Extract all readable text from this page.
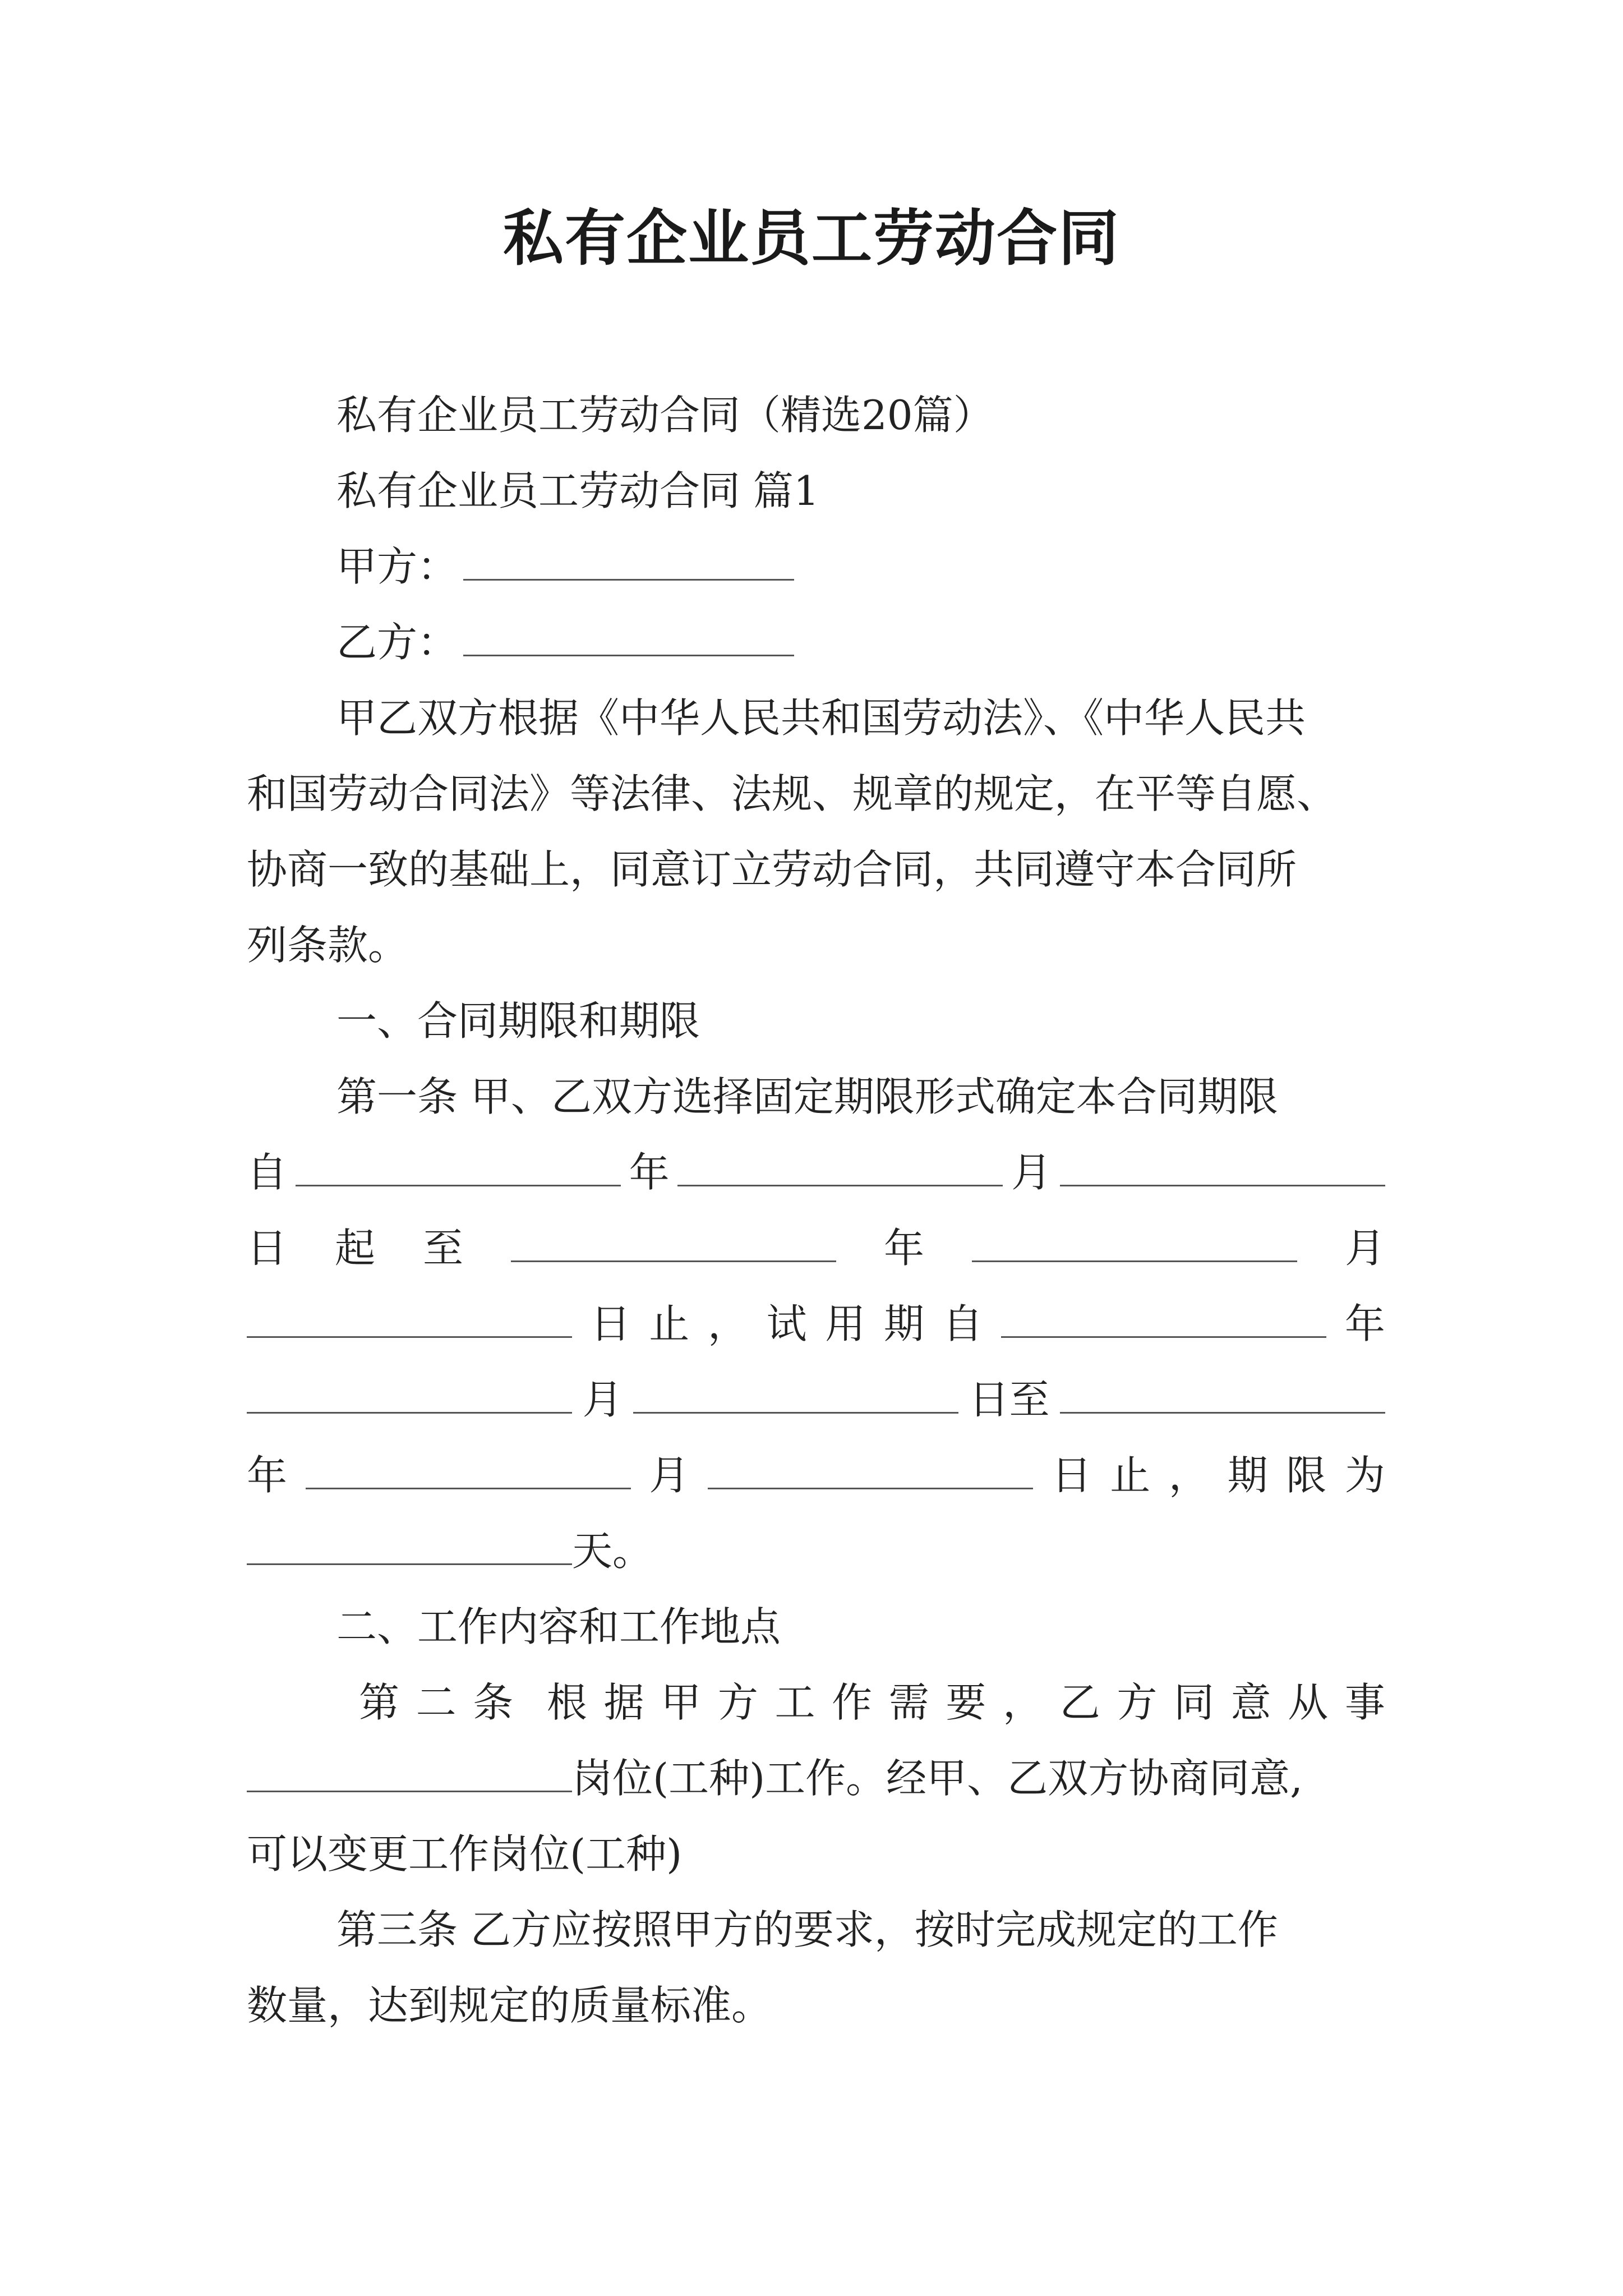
私有企业员工劳动合同
私有企业员工劳动合同（精选20篇）
私有企业员工劳动合同 篇1
甲方：
乙方：
甲乙双方根据《中华人民共和国劳动法》、《中华人民共
和国劳动合同法》等法律、法规、规章的规定，在平等自愿、
协商一致的基础上，同意订立劳动合同，共同遵守本合同所
列条款。
一、合同期限和期限
第一条 甲、乙双方选择固定期限形式确定本合同期限
自	年	月
日 起 至	年	月
日 止 ， 试 用 期 自	年
月	日至
年	月	日 止 ， 期 限 为
天。
二、工作内容和工作地点
第 二 条 根 据 甲 方 工 作 需 要 ， 乙 方 同 意 从 事
岗位(工种)工作。经甲、乙双方协商同意,
可以变更工作岗位(工种)
第三条 乙方应按照甲方的要求，按时完成规定的工作
数量，达到规定的质量标准。
